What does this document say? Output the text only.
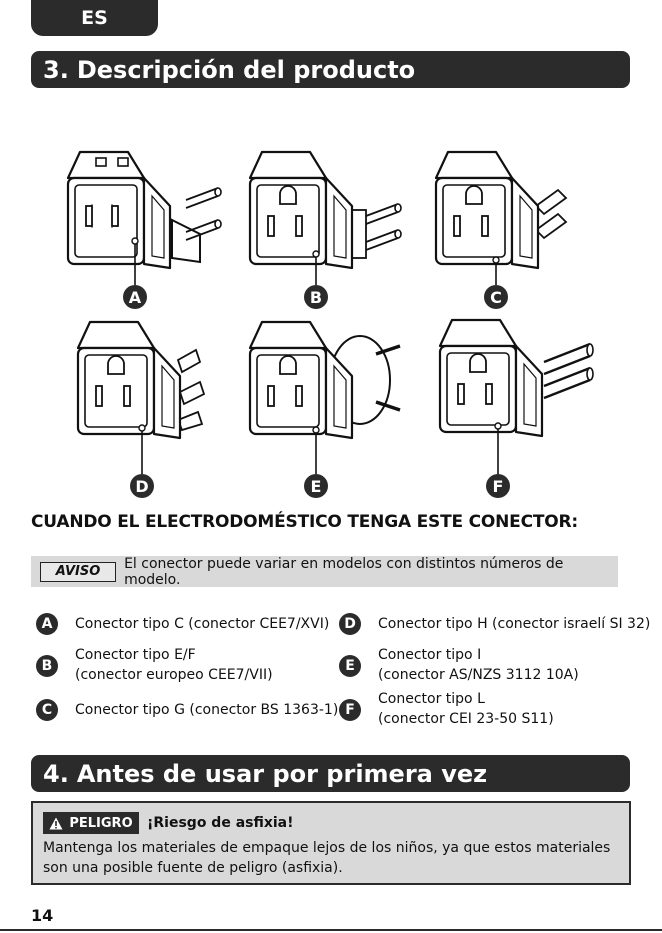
ES
3. Descripción del producto
A	B	C
D	E	F
CUANDO EL ELECTRODOMÉSTICO TENGA ESTE CONECTOR:
AVISO	El conector puede variar en modelos con distintos números de modelo.
A	Conector tipo C (conector CEE7/XVI)
B
Conector tipo E/F
(conector europeo CEE7/VII)
C	Conector tipo G (conector BS 1363-1)
D	Conector tipo H (conector israelí SI 32)
E
Conector tipo I
(conector AS/NZS 3112 10A)
F
Conector tipo L
(conector CEI 23-50 S11)
4. Antes de usar por primera vez
PELIGRO ¡Riesgo de asfixia!
Mantenga los materiales de empaque lejos de los niños, ya que estos materiales son una posible fuente de peligro (asfixia).
14
